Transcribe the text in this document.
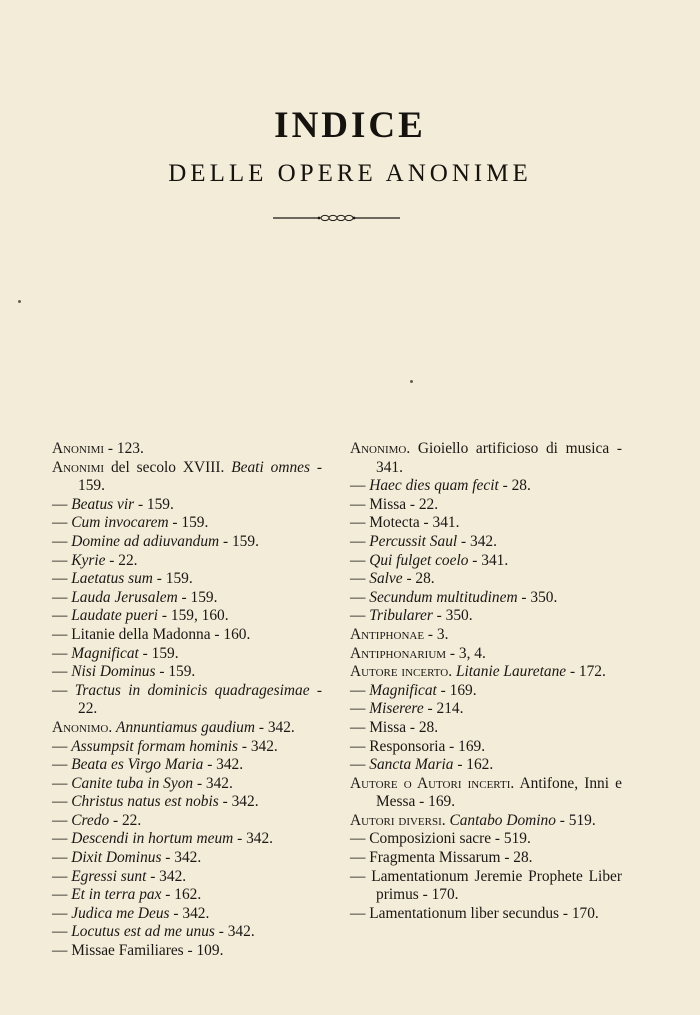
INDICE
DELLE OPERE ANONIME
Anonimi - 123.
Anonimi del secolo XVIII. Beati omnes - 159.
— Beatus vir - 159.
— Cum invocarem - 159.
— Domine ad adiuvandum - 159.
— Kyrie - 22.
— Laetatus sum - 159.
— Lauda Jerusalem - 159.
— Laudate pueri - 159, 160.
— Litanie della Madonna - 160.
— Magnificat - 159.
— Nisi Dominus - 159.
— Tractus in dominicis quadragesimae - 22.
Anonimo. Annuntiamus gaudium - 342.
— Assumpsit formam hominis - 342.
— Beata es Virgo Maria - 342.
— Canite tuba in Syon - 342.
— Christus natus est nobis - 342.
— Credo - 22.
— Descendi in hortum meum - 342.
— Dixit Dominus - 342.
— Egressi sunt - 342.
— Et in terra pax - 162.
— Judica me Deus - 342.
— Locutus est ad me unus - 342.
— Missae Familiares - 109.
Anonimo. Gioiello artificioso di musica - 341.
— Haec dies quam fecit - 28.
— Missa - 22.
— Motecta - 341.
— Percussit Saul - 342.
— Qui fulget coelo - 341.
— Salve - 28.
— Secundum multitudinem - 350.
— Tribularer - 350.
Antiphonae - 3.
Antiphonarium - 3, 4.
Autore incerto. Litanie Lauretane - 172.
— Magnificat - 169.
— Miserere - 214.
— Missa - 28.
— Responsoria - 169.
— Sancta Maria - 162.
Autore o Autori incerti. Antifone, Inni e Messa - 169.
Autori diversi. Cantabo Domino - 519.
— Composizioni sacre - 519.
— Fragmenta Missarum - 28.
— Lamentationum Jeremie Prophete Liber primus - 170.
— Lamentationum liber secundus - 170.
